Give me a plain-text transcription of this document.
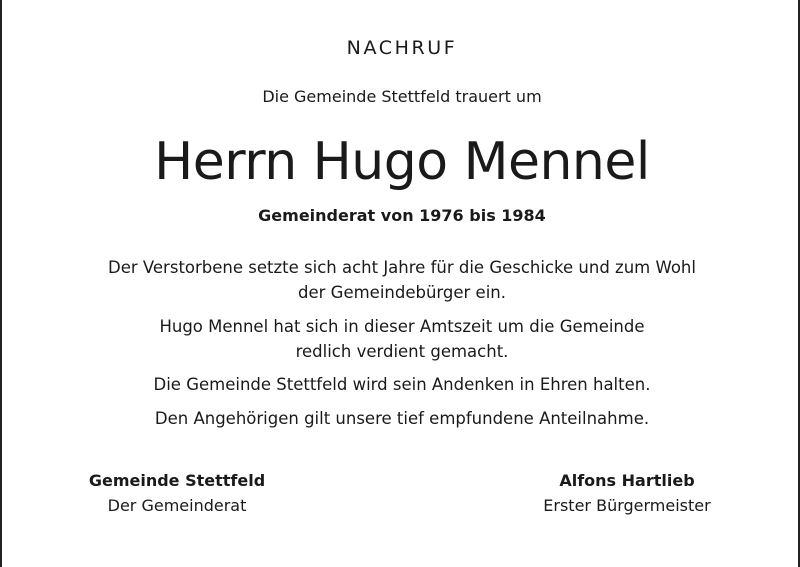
NACHRUF
Die Gemeinde Stettfeld trauert um
Herrn Hugo Mennel
Gemeinderat von 1976 bis 1984
Der Verstorbene setzte sich acht Jahre für die Geschicke und zum Wohl
der Gemeindebürger ein.
Hugo Mennel hat sich in dieser Amtszeit um die Gemeinde
redlich verdient gemacht.
Die Gemeinde Stettfeld wird sein Andenken in Ehren halten.
Den Angehörigen gilt unsere tief empfundene Anteilnahme.
Gemeinde Stettfeld
Der Gemeinderat
Alfons Hartlieb
Erster Bürgermeister
